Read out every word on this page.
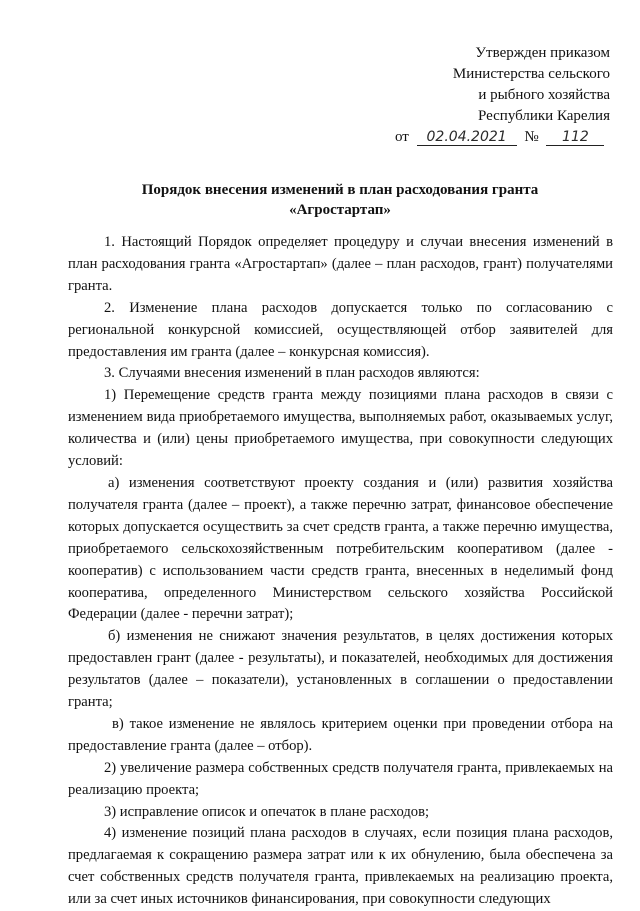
Утвержден приказом
Министерства сельского
и рыбного хозяйства
Республики Карелия
от 02.04.2021 № 112
Порядок внесения изменений в план расходования гранта
«Агростартап»

1. Настоящий Порядок определяет процедуру и случаи внесения изменений в план расходования гранта «Агростартап» (далее – план расходов, грант) получателями гранта.

2. Изменение плана расходов допускается только по согласованию с региональной конкурсной комиссией, осуществляющей отбор заявителей для предоставления им гранта (далее – конкурсная комиссия).

3. Случаями внесения изменений в план расходов являются:

1) Перемещение средств гранта между позициями плана расходов в связи с изменением вида приобретаемого имущества, выполняемых работ, оказываемых услуг, количества и (или) цены приобретаемого имущества, при совокупности следующих условий:

а) изменения соответствуют проекту создания и (или) развития хозяйства получателя гранта (далее – проект), а также перечню затрат, финансовое обеспечение которых допускается осуществить за счет средств гранта, а также перечню имущества, приобретаемого сельскохозяйственным потребительским кооперативом (далее - кооператив) с использованием части средств гранта, внесенных в неделимый фонд кооператива, определенного Министерством сельского хозяйства Российской Федерации (далее - перечни затрат);

б) изменения не снижают значения результатов, в целях достижения которых предоставлен грант (далее - результаты), и показателей, необходимых для достижения результатов (далее – показатели), установленных в соглашении о предоставлении гранта;

в) такое изменение не являлось критерием оценки при проведении отбора на предоставление гранта (далее – отбор).

2) увеличение размера собственных средств получателя гранта, привлекаемых на реализацию проекта;

3) исправление описок и опечаток в плане расходов;

4) изменение позиций плана расходов в случаях, если позиция плана расходов, предлагаемая к сокращению размера затрат или к их обнулению, была обеспечена за счет собственных средств получателя гранта, привлекаемых на реализацию проекта, или за счет иных источников финансирования, при совокупности следующих
